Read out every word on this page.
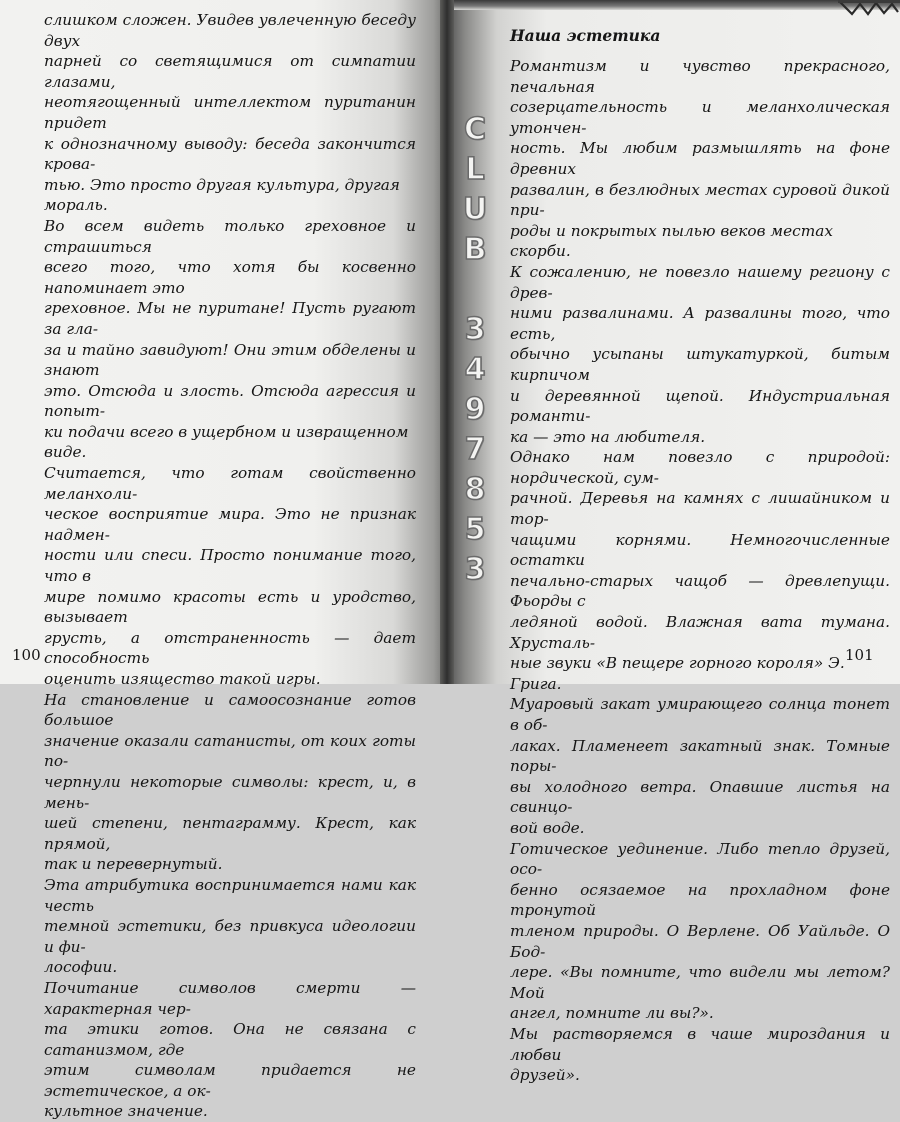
слишком сложен. Увидев увлеченную беседу двух

парней со светящимися от симпатии глазами,

неотягощенный интеллектом пуританин придет

к однозначному выводу: беседа закончится крова-

тью. Это просто другая культура, другая мораль.

Во всем видеть только греховное и страшиться

всего того, что хотя бы косвенно напоминает это

греховное. Мы не пуритане! Пусть ругают за гла-

за и тайно завидуют! Они этим обделены и знают

это. Отсюда и злость. Отсюда агрессия и попыт-

ки подачи всего в ущербном и извращенном виде.

Считается, что готам свойственно меланхоли-

ческое восприятие мира. Это не признак надмен-

ности или спеси. Просто понимание того, что в

мире помимо красоты есть и уродство, вызывает

грусть, а отстраненность — дает способность

оценить изящество такой игры.

На становление и самоосознание готов большое

значение оказали сатанисты, от коих готы по-

черпнули некоторые символы: крест, и, в мень-

шей степени, пентаграмму. Крест, как прямой,

так и перевернутый.

Эта атрибутика воспринимается нами как честь

темной эстетики, без привкуса идеологии и фи-

лософии.

Почитание символов смерти — характерная чер-

та этики готов. Она не связана с сатанизмом, где

этим символам придается не эстетическое, а ок-

культное значение.

100
Наша эстетика

Романтизм и чувство прекрасного, печальная

созерцательность и меланхолическая утончен-

ность. Мы любим размышлять на фоне древних

развалин, в безлюдных местах суровой дикой при-

роды и покрытых пылью веков местах скорби.

К сожалению, не повезло нашему региону с древ-

ними развалинами. А развалины того, что есть,

обычно усыпаны штукатуркой, битым кирпичом

и деревянной щепой. Индустриальная романти-

ка — это на любителя.

Однако нам повезло с природой: нордической, сум-

рачной. Деревья на камнях с лишайником и тор-

чащими корнями. Немногочисленные остатки

печально-старых чащоб — древлепущи. Фьорды с

ледяной водой. Влажная вата тумана. Хрусталь-

ные звуки «В пещере горного короля» Э. Грига.

Муаровый закат умирающего солнца тонет в об-

лаках. Пламенеет закатный знак. Томные поры-

вы холодного ветра. Опавшие листья на свинцо-

вой воде.

Готическое уединение. Либо тепло друзей, осо-

бенно осязаемое на прохладном фоне тронутой

тленом природы. О Верлене. Об Уайльде. О Бод-

лере. «Вы помните, что видели мы летом? Мой

ангел, помните ли вы?».

Мы растворяемся в чаше мироздания и любви

друзей».

101
C
L
U
B
3
4
9
7
8
5
3
